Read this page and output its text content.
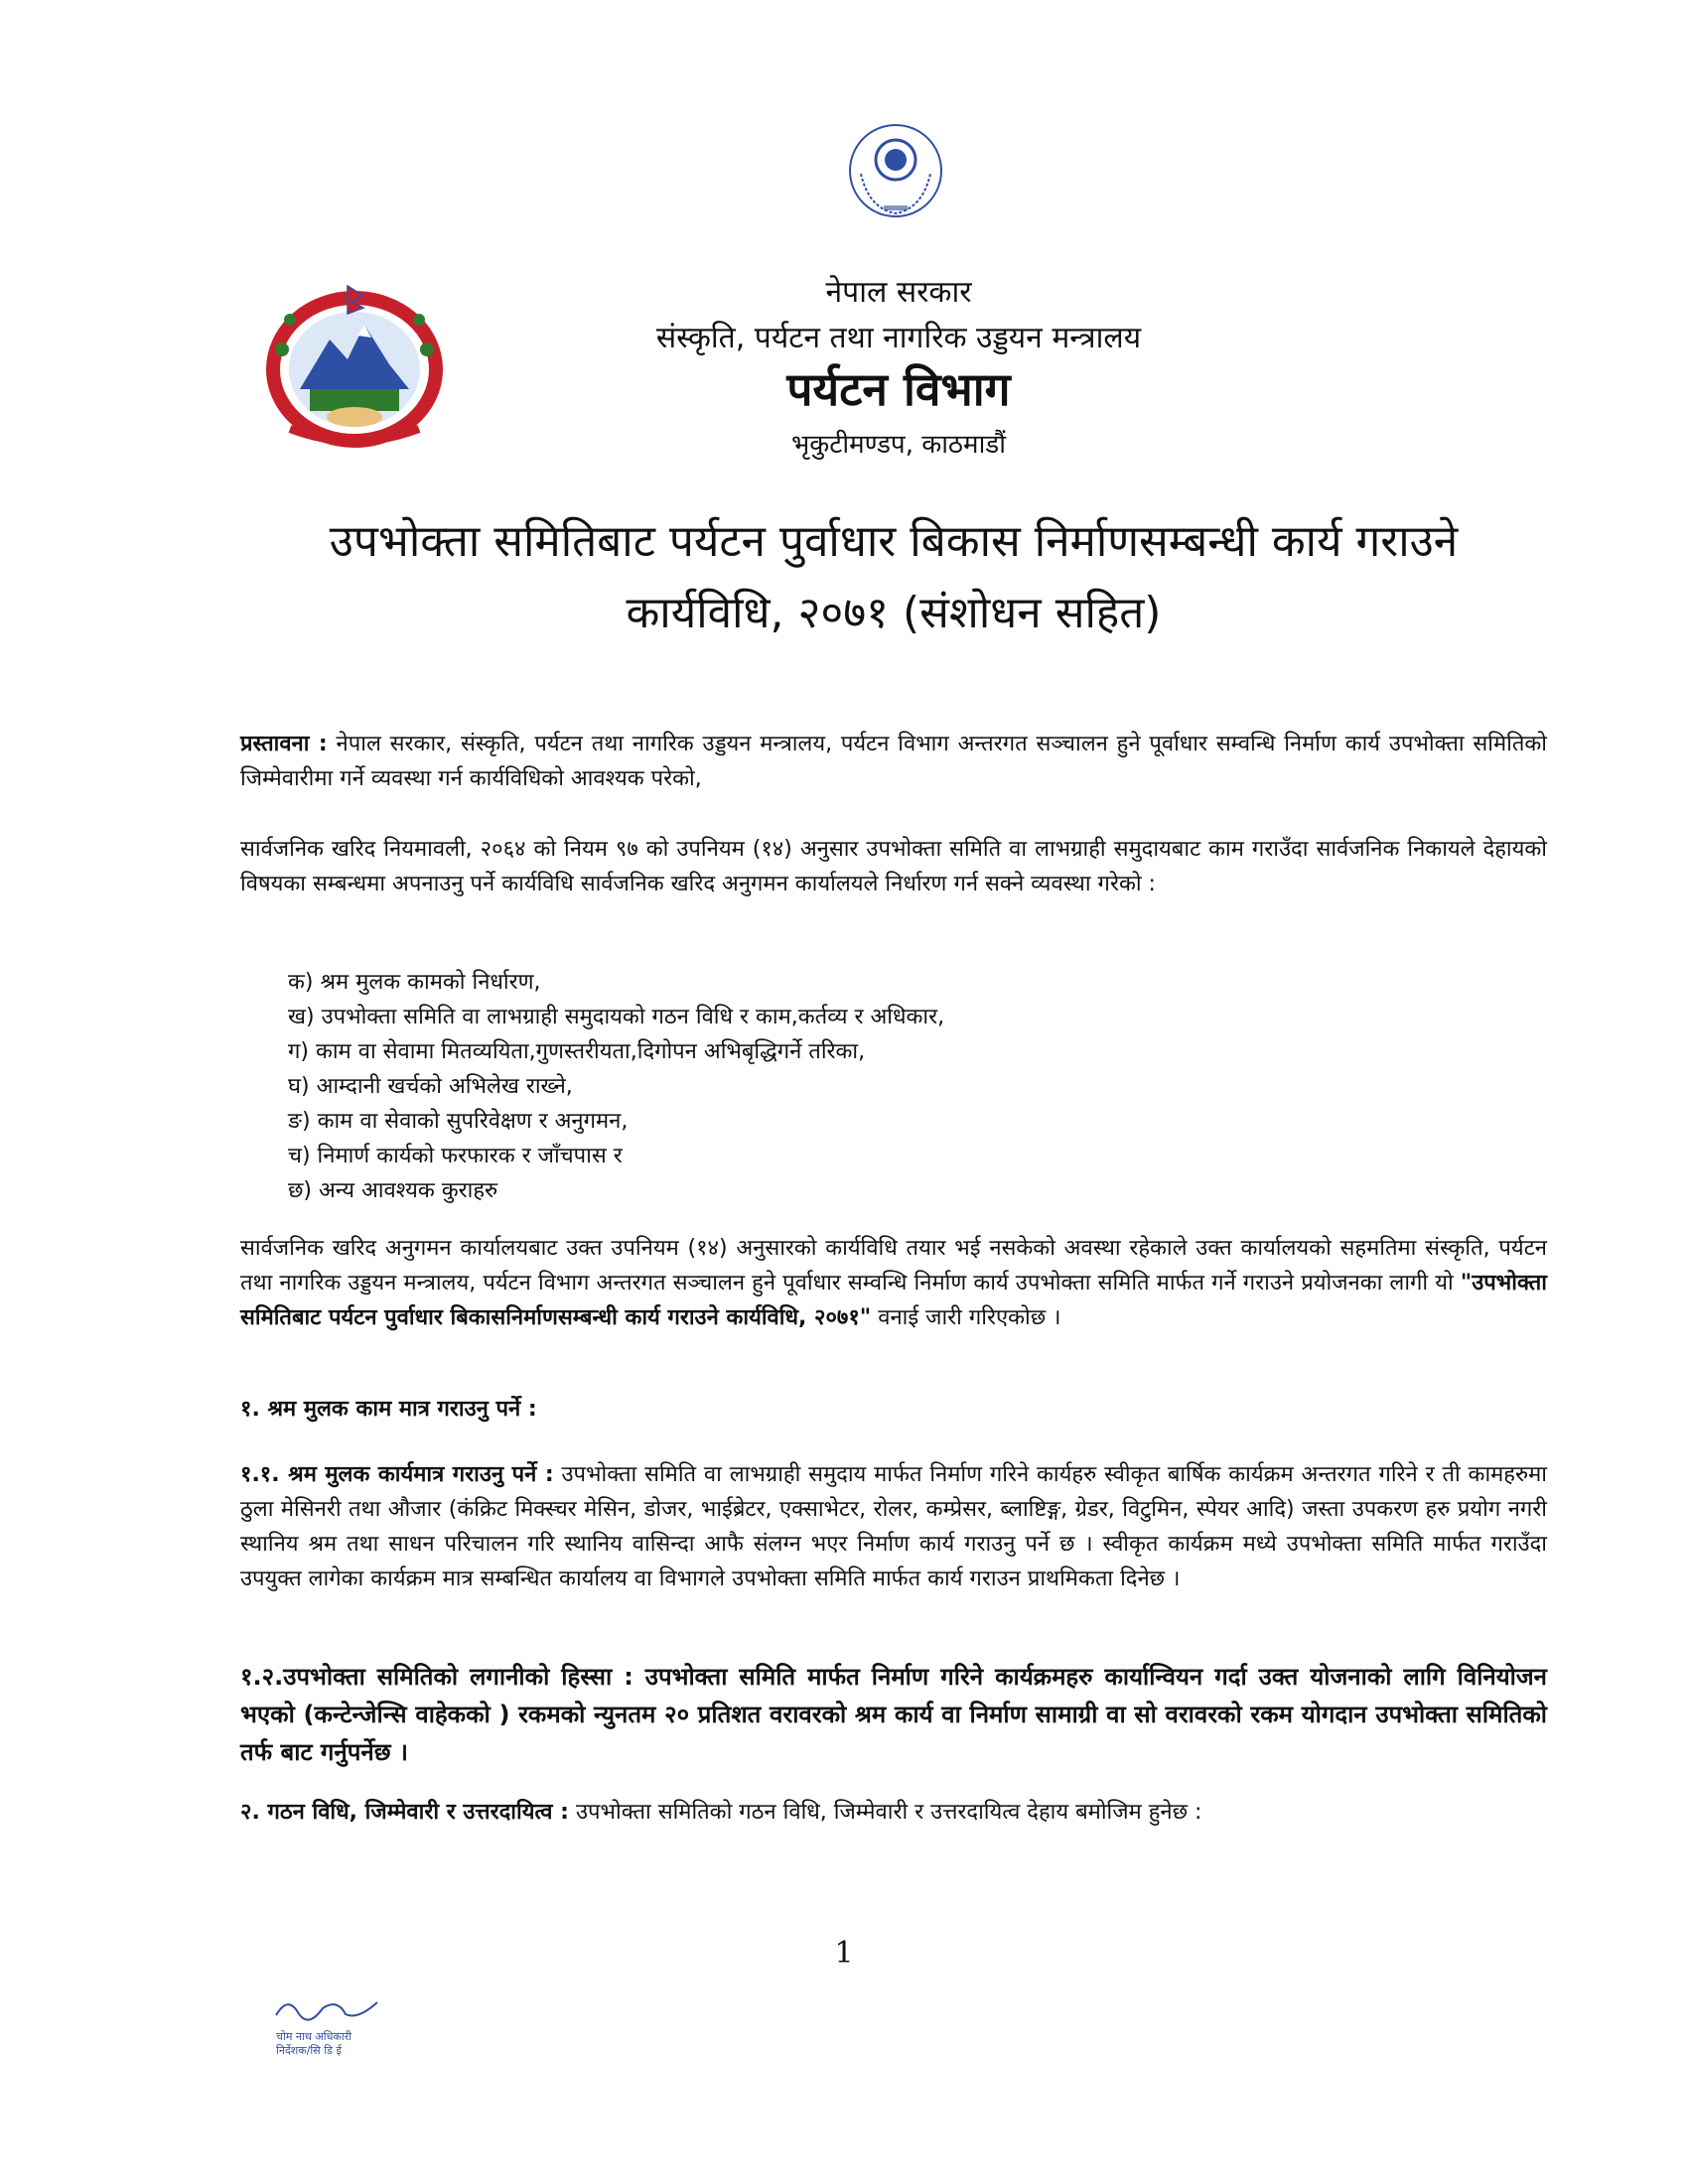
नेपाल सरकार
संस्कृति, पर्यटन तथा नागरिक उड्डयन मन्त्रालय
पर्यटन विभाग
भृकुटीमण्डप, काठमाडौं
उपभोक्ता समितिबाट पर्यटन पुर्वाधार बिकास निर्माणसम्बन्धी कार्य गराउने
कार्यविधि, २०७१ (संशोधन सहित)
प्रस्तावना : नेपाल सरकार, संस्कृति, पर्यटन तथा नागरिक उड्डयन मन्त्रालय, पर्यटन विभाग अन्तरगत सञ्चालन हुने पूर्वाधार सम्वन्धि निर्माण कार्य उपभोक्ता समितिको जिम्मेवारीमा गर्ने व्यवस्था गर्न कार्यविधिको आवश्यक परेको,
सार्वजनिक खरिद नियमावली, २०६४ को नियम ९७ को उपनियम (१४) अनुसार उपभोक्ता समिति वा लाभग्राही समुदायबाट काम गराउँदा सार्वजनिक निकायले देहायको विषयका सम्बन्धमा अपनाउनु पर्ने कार्यविधि सार्वजनिक खरिद अनुगमन कार्यालयले निर्धारण गर्न सक्ने व्यवस्था गरेको :
क) श्रम मुलक कामको निर्धारण,
ख) उपभोक्ता समिति वा लाभग्राही समुदायको गठन विधि र काम,कर्तव्य र अधिकार,
ग) काम वा सेवामा मितव्ययिता,गुणस्तरीयता,दिगोपन अभिबृद्धिगर्ने तरिका,
घ) आम्दानी खर्चको अभिलेख राख्ने,
ङ) काम वा सेवाको सुपरिवेक्षण र अनुगमन,
च) निमार्ण कार्यको फरफारक र जाँचपास र
छ) अन्य आवश्यक कुराहरु
सार्वजनिक खरिद अनुगमन कार्यालयबाट उक्त उपनियम (१४) अनुसारको कार्यविधि तयार भई नसकेको अवस्था रहेकाले उक्त कार्यालयको सहमतिमा संस्कृति, पर्यटन तथा नागरिक उड्डयन मन्त्रालय, पर्यटन विभाग अन्तरगत सञ्चालन हुने पूर्वाधार सम्वन्धि निर्माण कार्य उपभोक्ता समिति मार्फत गर्ने गराउने प्रयोजनका लागी यो "उपभोक्ता समितिबाट पर्यटन पुर्वाधार बिकासनिर्माणसम्बन्धी कार्य गराउने कार्यविधि, २०७१" वनाई जारी गरिएकोछ ।
१. श्रम मुलक काम मात्र गराउनु पर्ने :
१.१. श्रम मुलक कार्यमात्र गराउनु पर्ने : उपभोक्ता समिति वा लाभग्राही समुदाय मार्फत निर्माण गरिने कार्यहरु स्वीकृत बार्षिक कार्यक्रम अन्तरगत गरिने र ती कामहरुमा ठुला मेसिनरी तथा औजार (कंक्रिट मिक्स्चर मेसिन, डोजर, भाईब्रेटर, एक्साभेटर, रोलर, कम्प्रेसर, ब्लाष्टिङ्ग, ग्रेडर, विटुमिन, स्पेयर आदि) जस्ता उपकरण हरु प्रयोग नगरी स्थानिय श्रम तथा साधन परिचालन गरि स्थानिय वासिन्दा आफै संलग्न भएर निर्माण कार्य गराउनु पर्ने छ । स्वीकृत कार्यक्रम मध्ये उपभोक्ता समिति मार्फत गराउँदा उपयुक्त लागेका कार्यक्रम मात्र सम्बन्धित कार्यालय वा विभागले उपभोक्ता समिति मार्फत कार्य गराउन प्राथमिकता दिनेछ ।
१.२.उपभोक्ता समितिको लगानीको हिस्सा : उपभोक्ता समिति मार्फत निर्माण गरिने कार्यक्रमहरु कार्यान्वियन गर्दा उक्त योजनाको लागि विनियोजन भएको (कन्टेन्जेन्सि वाहेकको ) रकमको न्युनतम २० प्रतिशत वरावरको श्रम कार्य वा निर्माण सामाग्री वा सो वरावरको रकम योगदान उपभोक्ता समितिको तर्फ बाट गर्नुपर्नेछ ।
२. गठन विधि, जिम्मेवारी र उत्तरदायित्व : उपभोक्ता समितिको गठन विधि, जिम्मेवारी र उत्तरदायित्व देहाय बमोजिम हुनेछ :
1
चोम नाथ अधिकारी
निर्देशक/सि डि ई
